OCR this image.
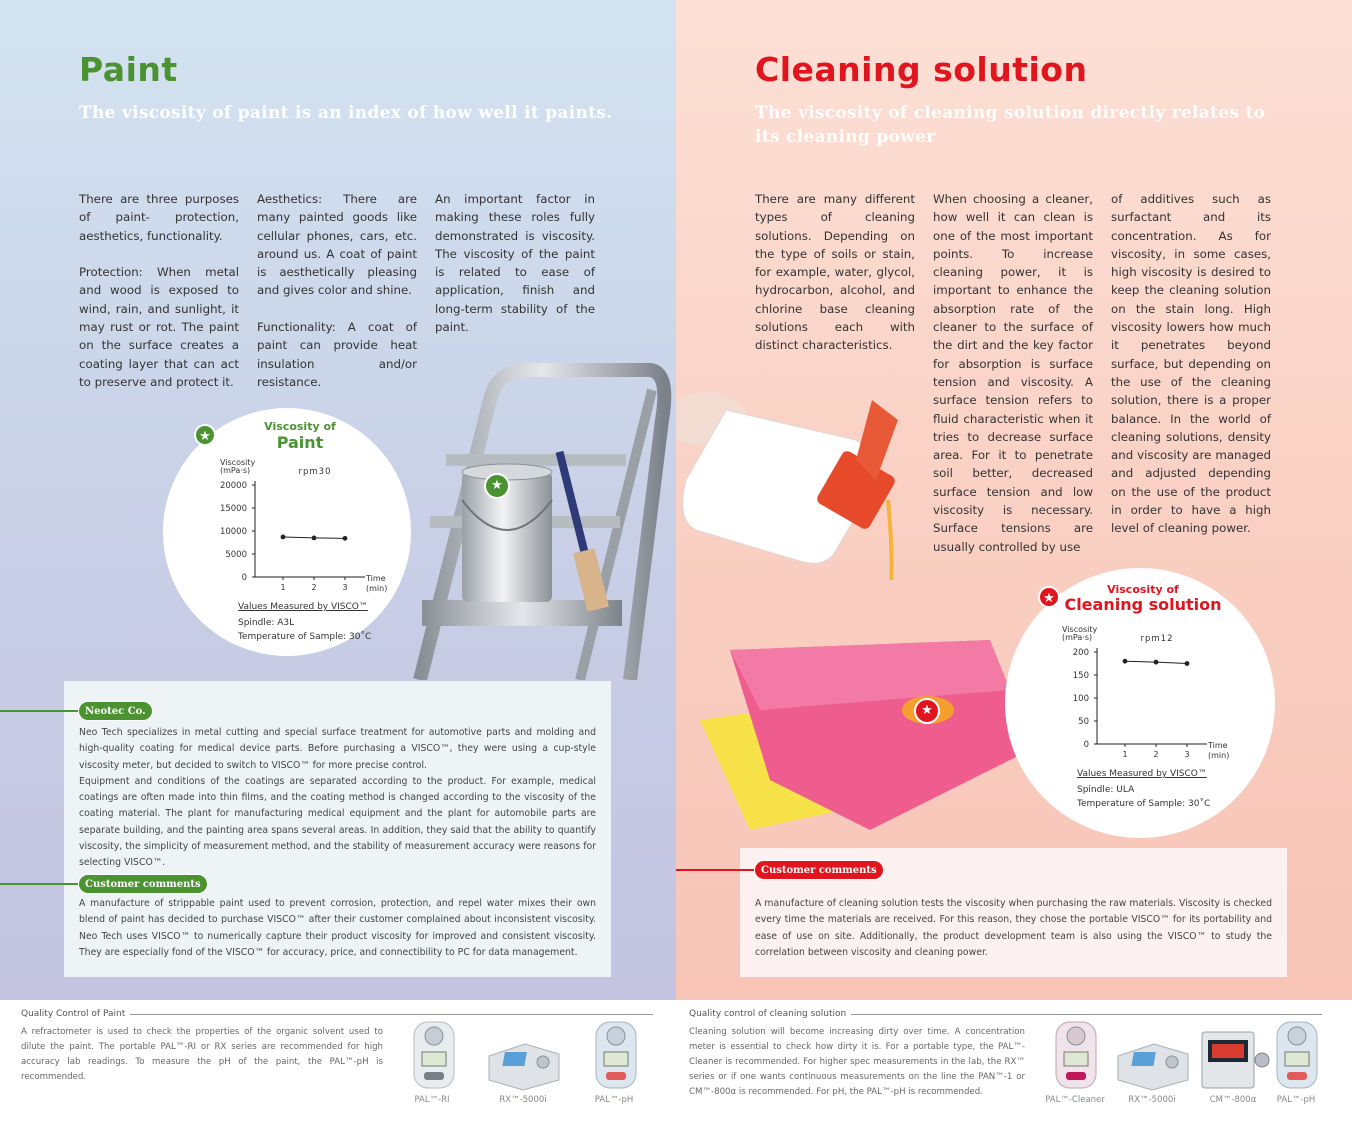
Paint
The viscosity of paint is an index of how well it paints.
Cleaning solution
The viscosity of cleaning solution directly relates to its cleaning power

There are three purposes of paint- protection, aesthetics, functionality.

Protection: When metal and wood is exposed to wind, rain, and sunlight, it may rust or rot. The paint on the surface creates a coating layer that can act to preserve and protect it.

Aesthetics: There are many painted goods like cellular phones, cars, etc. around us. A coat of paint is aesthetically pleasing and gives color and shine.

Functionality: A coat of paint can provide heat insulation and/or resistance.

An important factor in making these roles fully demonstrated is viscosity. The viscosity of the paint is related to ease of application, finish and long-term stability of the paint.

There are many different types of cleaning solutions. Depending on the type of soils or stain, for example, water, glycol, hydrocarbon, alcohol, and chlorine base cleaning solutions each with distinct characteristics.

When choosing a cleaner, how well it can clean is one of the most important points. To increase cleaning power, it is important to enhance the absorption rate of the cleaner to the surface of the dirt and the key factor for absorption is surface tension and viscosity. A surface tension refers to fluid characteristic when it tries to decrease surface area. For it to penetrate soil better, decreased surface tension and low viscosity is necessary. Surface tensions are usually controlled by use

of additives such as surfactant and its concentration. As for viscosity, in some cases, high viscosity is desired to keep the cleaning solution on the stain long. High viscosity lowers how much it penetrates beyond surface, but depending on the use of the cleaning solution, there is a proper balance. In the world of cleaning solutions, density and viscosity are managed and adjusted depending on the use of the product in order to have a high level of cleaning power.

★
★
★
Viscosity of
Paint
Viscosity
(mPa·s)
0
5000
10000
15000
20000
1	2	3
Time
(min)
rpm30
Values Measured by VISCO™
Spindle: A3L
Temperature of Sample: 30˚C
★
Viscosity of
Cleaning solution
Viscosity
(mPa·s)
0
50
100
150
200
1	2	3
Time
(min)
rpm12
Values Measured by VISCO™
Spindle: ULA
Temperature of Sample: 30˚C
Neotec Co.
Neo Tech specializes in metal cutting and special surface treatment for automotive parts and molding and high-quality coating for medical device parts. Before purchasing a VISCO™, they were using a cup-style viscosity meter, but decided to switch to VISCO™ for more precise control.
Equipment and conditions of the coatings are separated according to the product. For example, medical coatings are often made into thin films, and the coating method is changed according to the viscosity of the coating material. The plant for manufacturing medical equipment and the plant for automobile parts are separate building, and the painting area spans several areas. In addition, they said that the ability to quantify viscosity, the simplicity of measurement method, and the stability of measurement accuracy were reasons for selecting VISCO™.
Customer comments
A manufacture of strippable paint used to prevent corrosion, protection, and repel water mixes their own blend of paint has decided to purchase VISCO™ after their customer complained about inconsistent viscosity. Neo Tech uses VISCO™ to numerically capture their product viscosity for improved and consistent viscosity. They are especially fond of the VISCO™ for accuracy, price, and connectibility to PC for data management.
Customer comments
A manufacture of cleaning solution tests the viscosity when purchasing the raw materials. Viscosity is checked every time the materials are received. For this reason, they chose the portable VISCO™ for its portability and ease of use on site. Additionally, the product development team is also using the VISCO™ to study the correlation between viscosity and cleaning power.
Quality Control of Paint
A refractometer is used to check the properties of the organic solvent used to dilute the paint. The portable PAL™-RI or RX series are recommended for high accuracy lab readings. To measure the pH of the paint, the PAL™-pH is recommended.
Quality control of cleaning solution
Cleaning solution will become increasing dirty over time. A concentration meter is essential to check how dirty it is. For a portable type, the PAL™-Cleaner is recommended. For higher spec measurements in the lab, the RX™ series or if one wants continuous measurements on the line the PAN™-1 or CM™-800α is recommended. For pH, the PAL™-pH is recommended.
PAL™-RI	RX™-5000i	PAL™-pH	PAL™-Cleaner	RX™-5000i	CM™-800α	PAL™-pH
